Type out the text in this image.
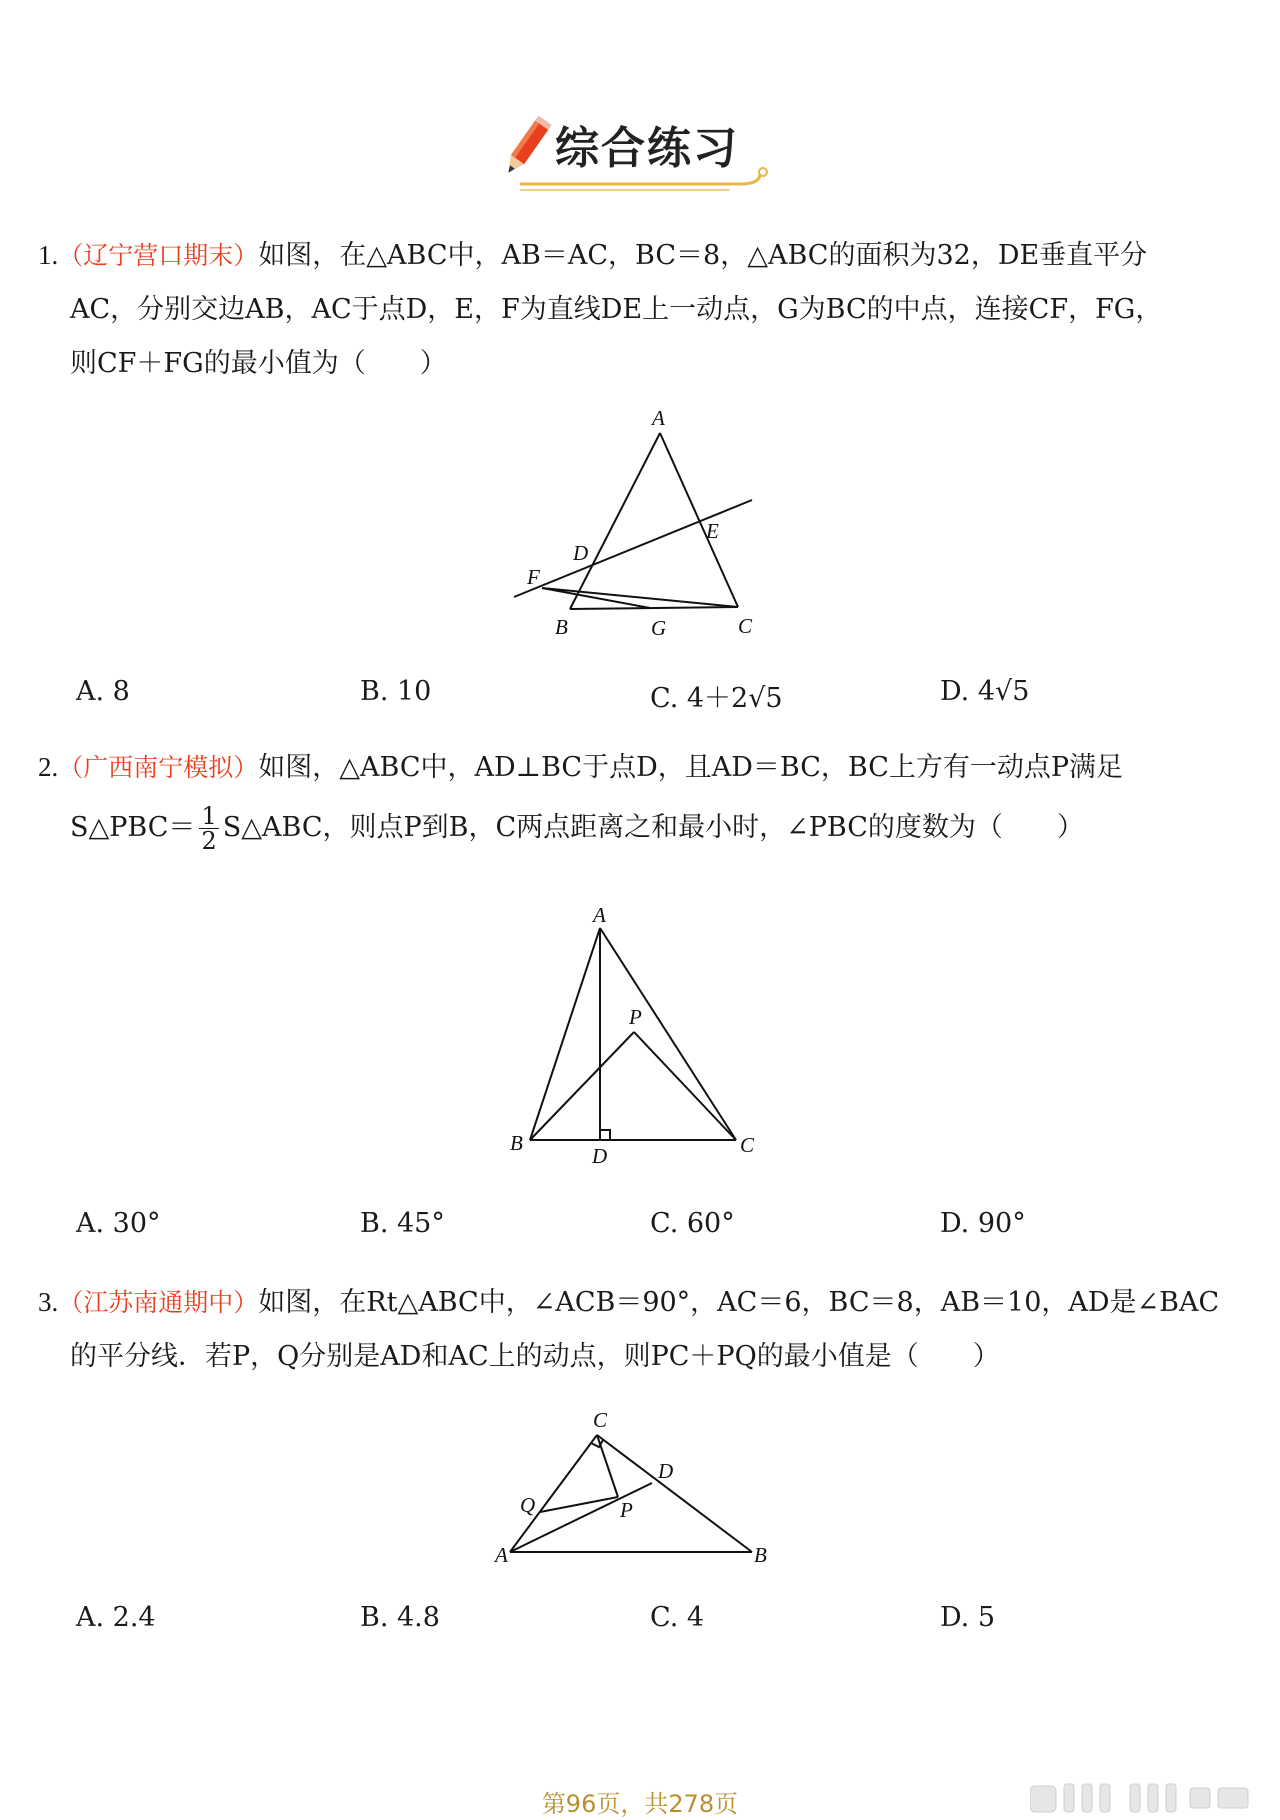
综合练习
1.（辽宁营口期末）如图，在△ABC中，AB＝AC，BC＝8，△ABC的面积为32，DE垂直平分
AC，分别交边AB，AC于点D，E，F为直线DE上一动点，G为BC的中点，连接CF，FG，
则CF＋FG的最小值为（　　）
A
E
D
F
B	G	C
A. 8	B. 10	C. 4＋2√5	D. 4√5
2.（广西南宁模拟）如图，△ABC中，AD⊥BC于点D，且AD＝BC，BC上方有一动点P满足
S△PBC＝ $\frac{1}{2}$ S△ABC，则点P到B，C两点距离之和最小时，∠PBC的度数为（　　）
A
P
B
D	C
A. 30°	B. 45°	C. 60°	D. 90°
3.（江苏南通期中）如图，在Rt△ABC中，∠ACB＝90°，AC＝6，BC＝8，AB＝10，AD是∠BAC
的平分线．若P，Q分别是AD和AC上的动点，则PC＋PQ的最小值是（　　）
C
D
Q	P
A	B
A. 2.4	B. 4.8	C. 4	D. 5
第96页，共278页
